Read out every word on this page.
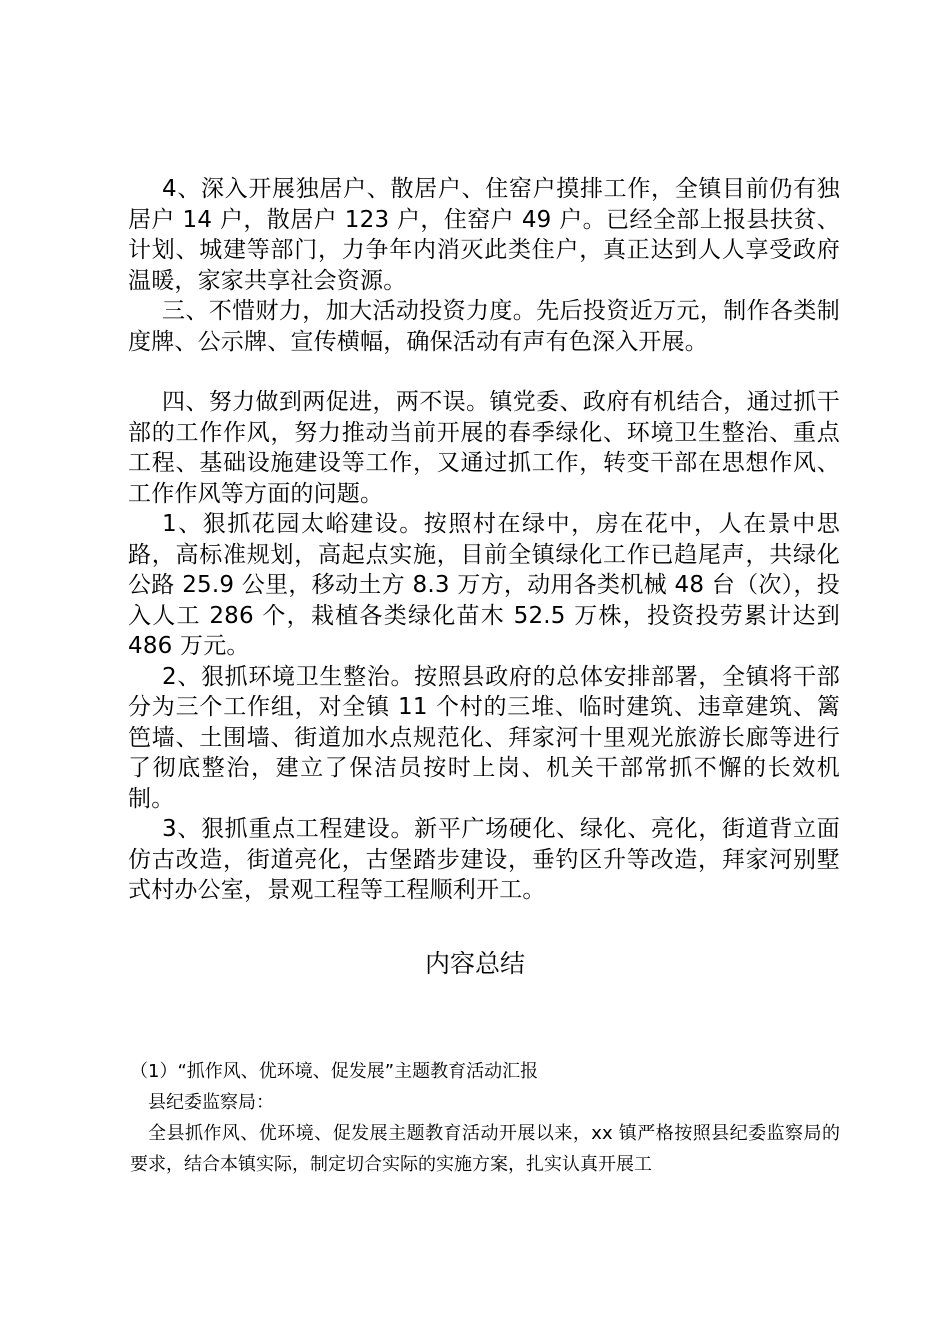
4、深入开展独居户、散居户、住窑户摸排工作，全镇目前仍有独居户 14 户，散居户 123 户，住窑户 49 户。已经全部上报县扶贫、计划、城建等部门，力争年内消灭此类住户，真正达到人人享受政府温暖，家家共享社会资源。

三、不惜财力，加大活动投资力度。先后投资近万元，制作各类制度牌、公示牌、宣传横幅，确保活动有声有色深入开展。

四、努力做到两促进，两不误。镇党委、政府有机结合，通过抓干部的工作作风，努力推动当前开展的春季绿化、环境卫生整治、重点工程、基础设施建设等工作，又通过抓工作，转变干部在思想作风、工作作风等方面的问题。

1、狠抓花园太峪建设。按照村在绿中，房在花中，人在景中思路，高标准规划，高起点实施，目前全镇绿化工作已趋尾声，共绿化公路 25.9 公里，移动土方 8.3 万方，动用各类机械 48 台（次），投入人工 286 个，栽植各类绿化苗木 52.5 万株，投资投劳累计达到 486 万元。

2、狠抓环境卫生整治。按照县政府的总体安排部署，全镇将干部分为三个工作组，对全镇 11 个村的三堆、临时建筑、违章建筑、篱笆墙、土围墙、街道加水点规范化、拜家河十里观光旅游长廊等进行了彻底整治，建立了保洁员按时上岗、机关干部常抓不懈的长效机制。

3、狠抓重点工程建设。新平广场硬化、绿化、亮化，街道背立面仿古改造，街道亮化，古堡踏步建设，垂钓区升等改造，拜家河别墅式村办公室，景观工程等工程顺利开工。

内容总结

（1）“抓作风、优环境、促发展”主题教育活动汇报

县纪委监察局：

全县抓作风、优环境、促发展主题教育活动开展以来，xx 镇严格按照县纪委监察局的要求，结合本镇实际，制定切合实际的实施方案，扎实认真开展工
